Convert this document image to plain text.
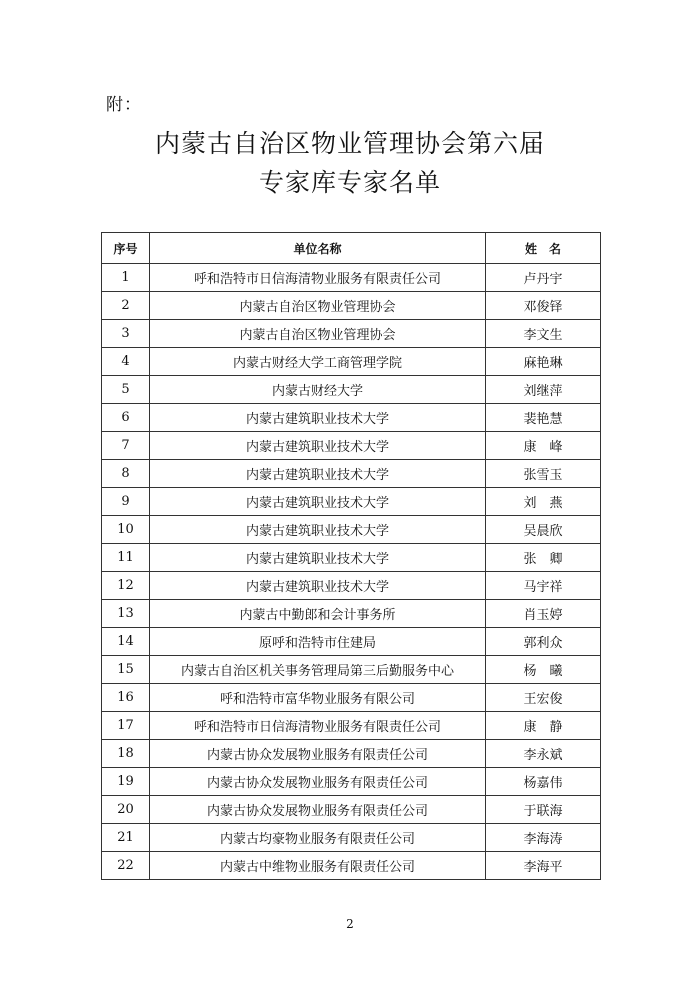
附：
内蒙古自治区物业管理协会第六届
专家库专家名单
序号	单位名称	姓　名
1	呼和浩特市日信海清物业服务有限责任公司	卢丹宇
2	内蒙古自治区物业管理协会	邓俊铎
3	内蒙古自治区物业管理协会	李文生
4	内蒙古财经大学工商管理学院	麻艳琳
5	内蒙古财经大学	刘继萍
6	内蒙古建筑职业技术大学	裴艳慧
7	内蒙古建筑职业技术大学	康　峰
8	内蒙古建筑职业技术大学	张雪玉
9	内蒙古建筑职业技术大学	刘　燕
10	内蒙古建筑职业技术大学	吴晨欣
11	内蒙古建筑职业技术大学	张　卿
12	内蒙古建筑职业技术大学	马宇祥
13	内蒙古中勤郎和会计事务所	肖玉婷
14	原呼和浩特市住建局	郭利众
15	内蒙古自治区机关事务管理局第三后勤服务中心	杨　曦
16	呼和浩特市富华物业服务有限公司	王宏俊
17	呼和浩特市日信海清物业服务有限责任公司	康　静
18	内蒙古协众发展物业服务有限责任公司	李永斌
19	内蒙古协众发展物业服务有限责任公司	杨嘉伟
20	内蒙古协众发展物业服务有限责任公司	于联海
21	内蒙古均豪物业服务有限责任公司	李海涛
22	内蒙古中维物业服务有限责任公司	李海平
2
